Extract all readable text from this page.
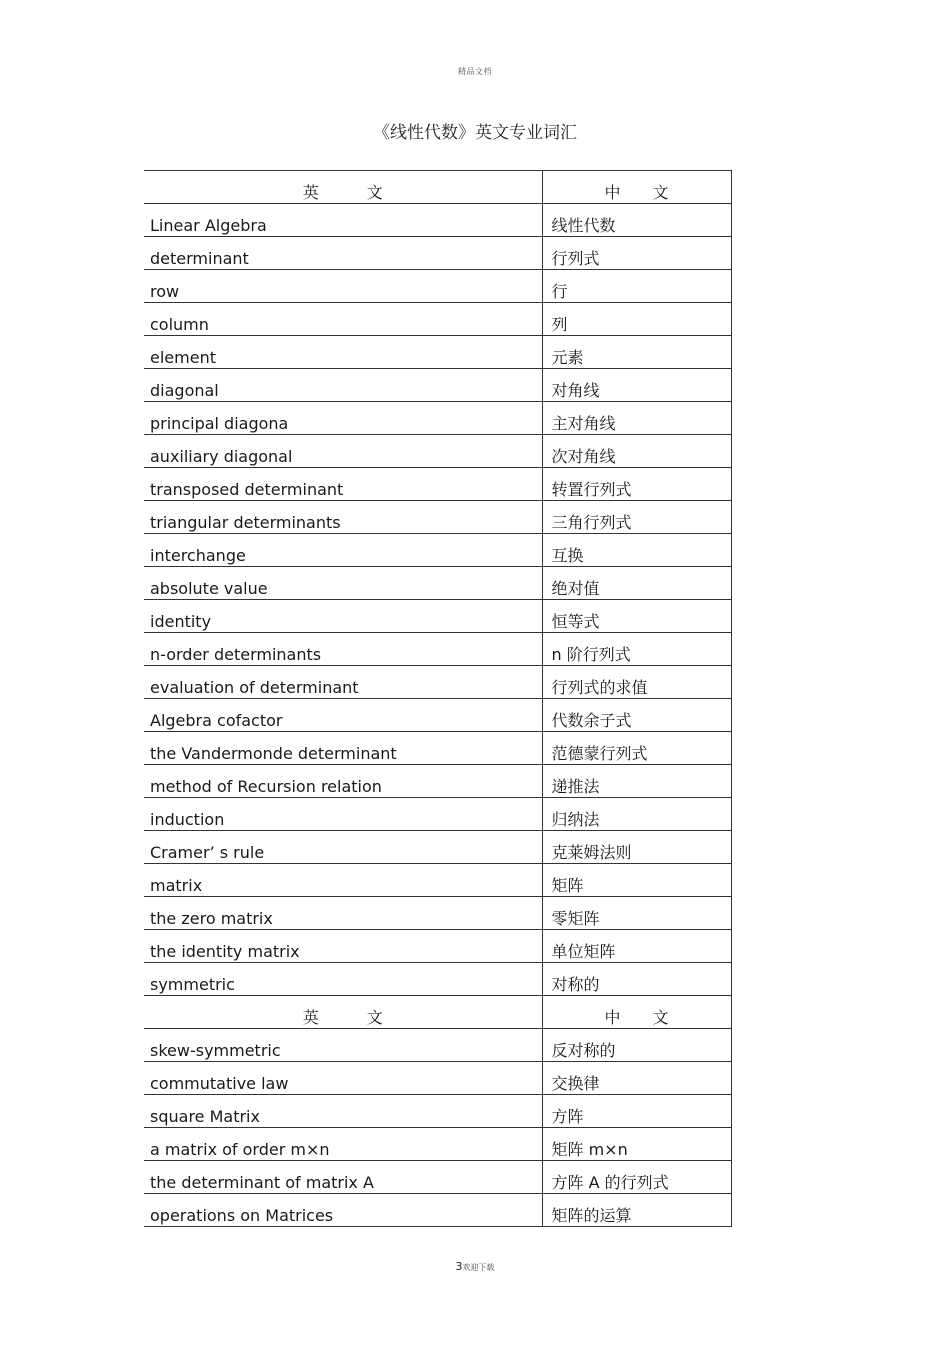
精品文档
《线性代数》英文专业词汇
英　　　文	中　　文
Linear Algebra	线性代数
determinant	行列式
row	行
column	列
element	元素
diagonal	对角线
principal diagona	主对角线
auxiliary diagonal	次对角线
transposed determinant	转置行列式
triangular determinants	三角行列式
interchange	互换
absolute value	绝对值
identity	恒等式
n-order determinants	n 阶行列式
evaluation of determinant	行列式的求值
Algebra cofactor	代数余子式
the Vandermonde determinant	范德蒙行列式
method of Recursion relation	递推法
induction	归纳法
Cramer’ s rule	克莱姆法则
matrix	矩阵
the zero matrix	零矩阵
the identity matrix	单位矩阵
symmetric	对称的
英　　　文	中　　文
skew-symmetric	反对称的
commutative law	交换律
square Matrix	方阵
a matrix of order m×n	矩阵 m×n
the determinant of matrix A	方阵 A 的行列式
operations on Matrices	矩阵的运算
3欢迎下载
